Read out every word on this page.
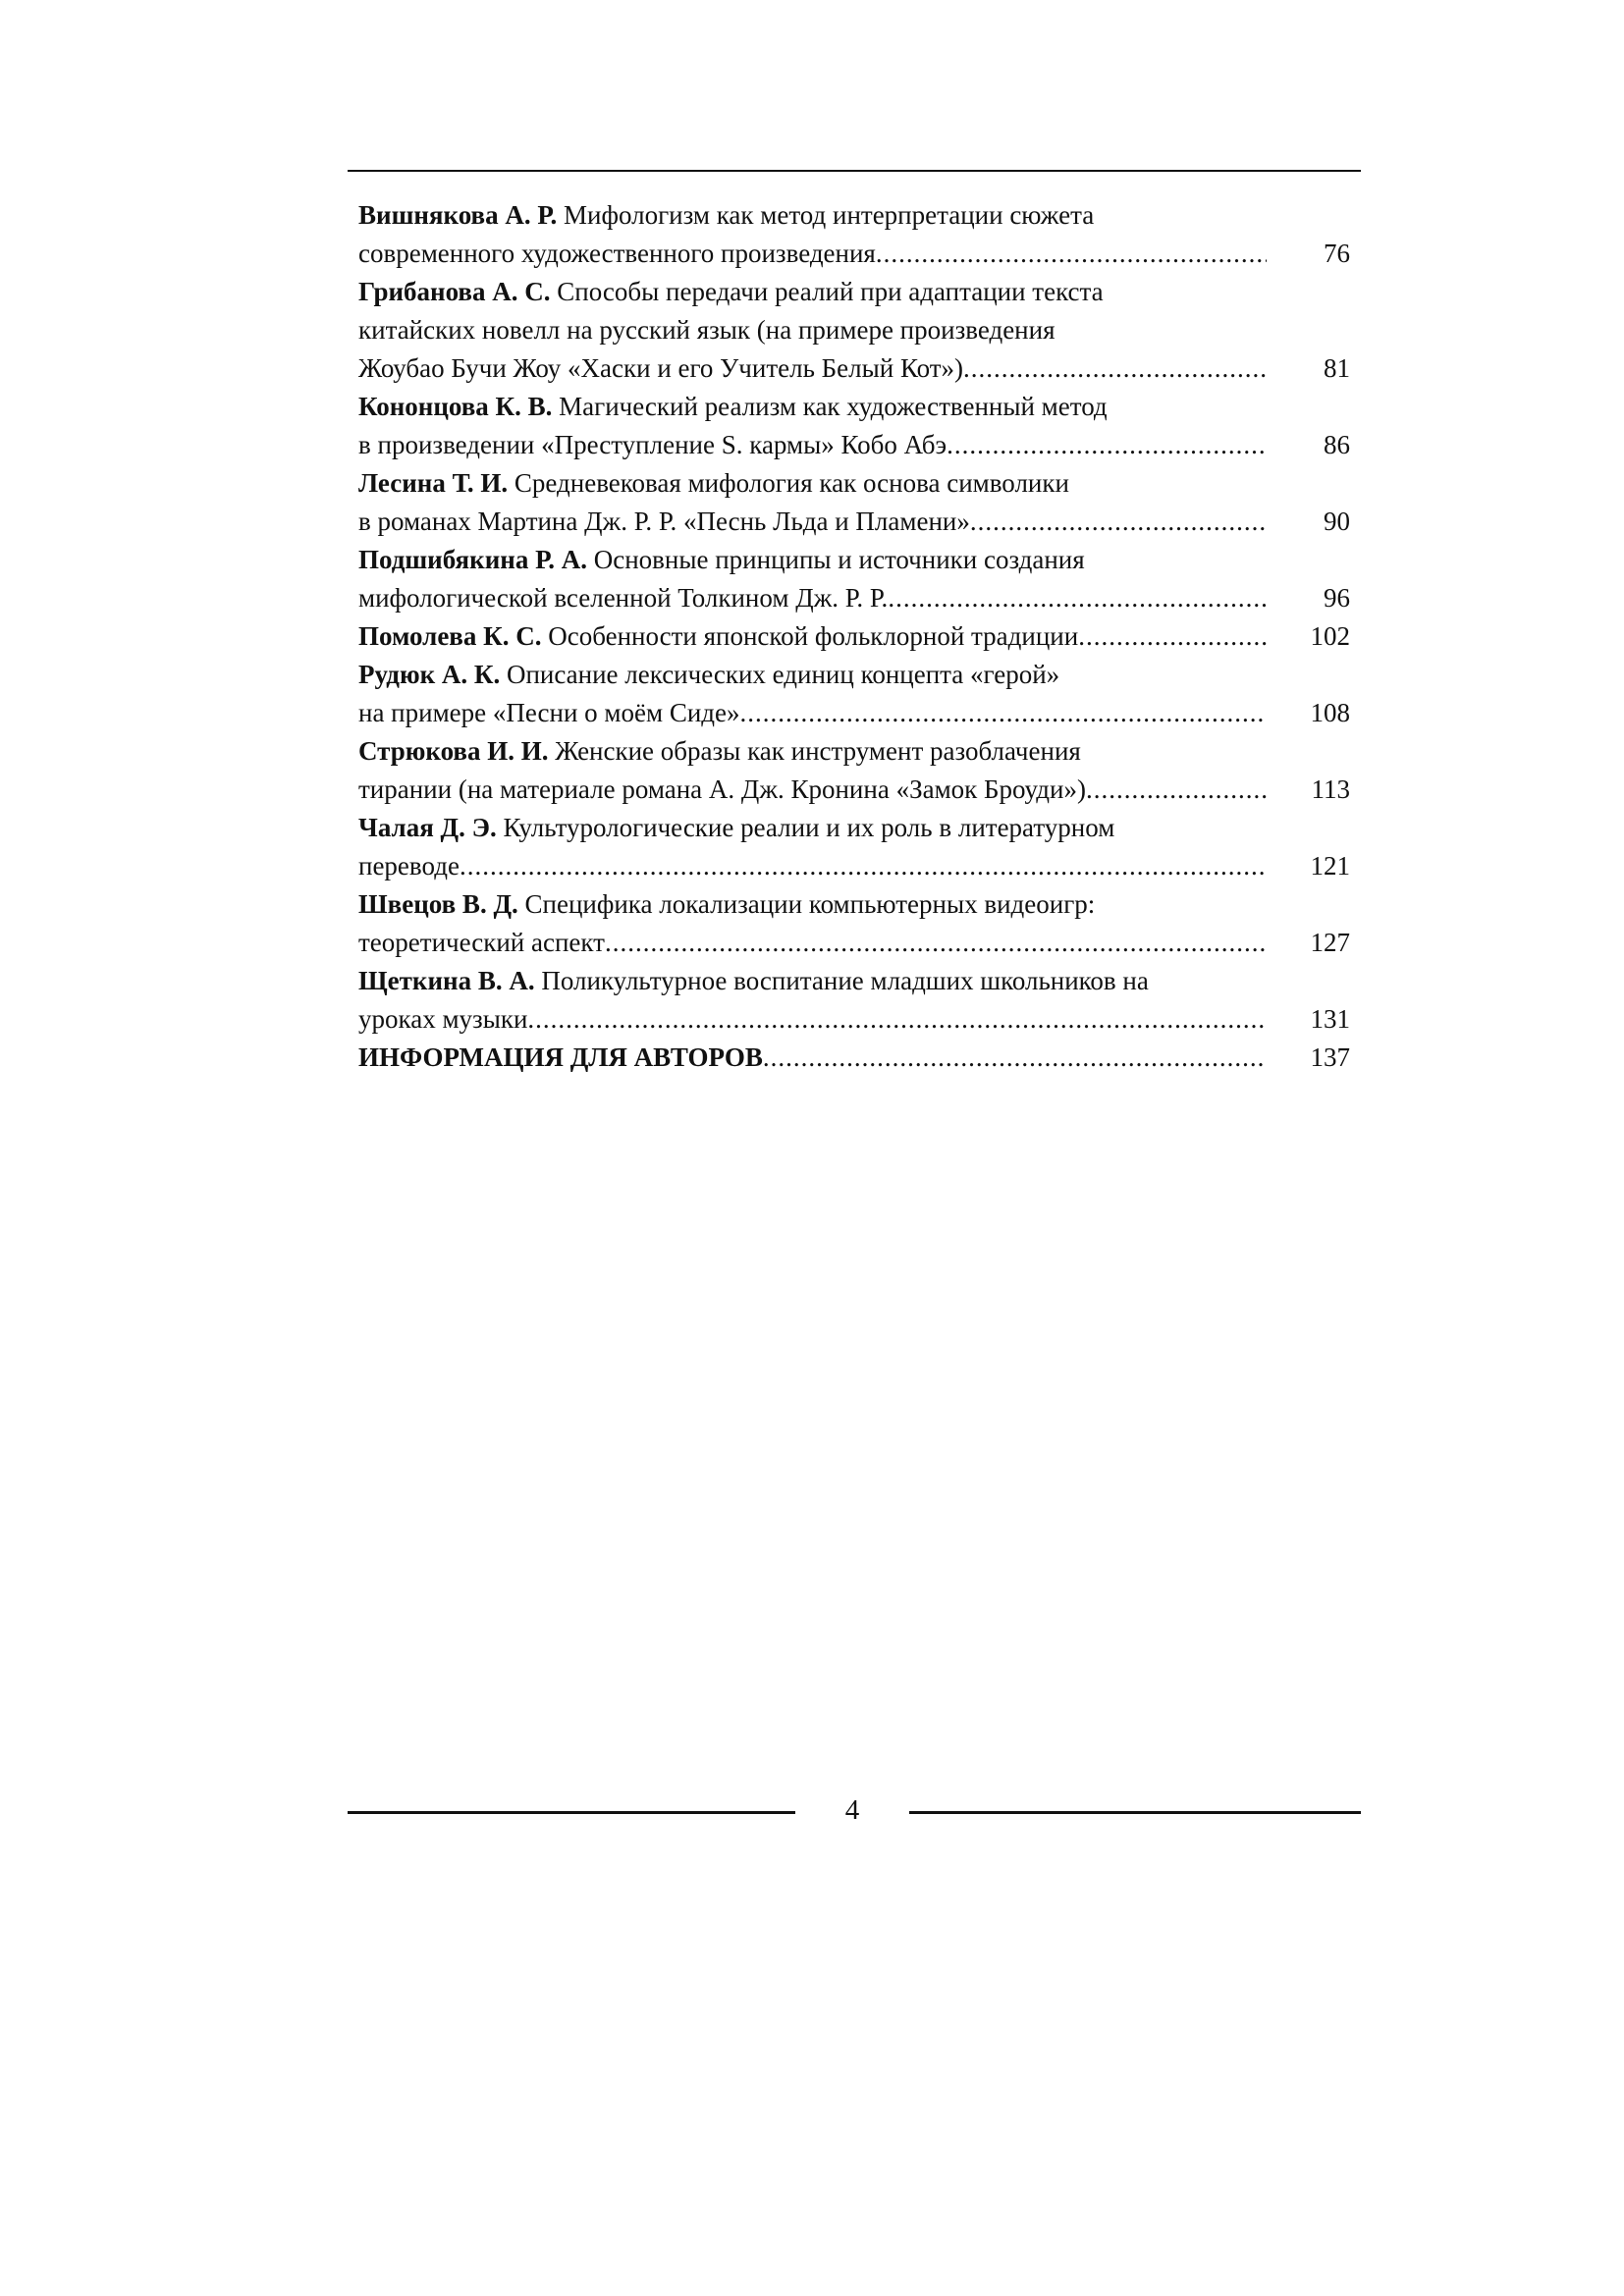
Вишнякова А. Р. Мифологизм как метод интерпретации сюжета
современного художественного произведения .....	76
Грибанова А. С. Способы передачи реалий при адаптации текста
китайских новелл на русский язык (на примере произведения
Жоубао Бучи Жоу «Хаски и его Учитель Белый Кот») .....	81
Кононцова К. В. Магический реализм как художественный метод
в произведении «Преступление S. кармы» Кобо Абэ .....	86
Лесина Т. И. Средневековая мифология как основа символики
в романах Мартина Дж. Р. Р. «Песнь Льда и Пламени» .....	90
Подшибякина Р. А. Основные принципы и источники создания
мифологической вселенной Толкином Дж. Р. Р. .....	96
Помолева К. С. Особенности японской фольклорной традиции .....	102
Рудюк А. К. Описание лексических единиц концепта «герой»
на примере «Песни о моём Сиде» .....	108
Стрюкова И. И. Женские образы как инструмент разоблачения
тирании (на материале романа А. Дж. Кронина «Замок Броуди») .....	113
Чалая Д. Э. Культурологические реалии и их роль в литературном
переводе .....	121
Швецов В. Д. Специфика локализации компьютерных видеоигр:
теоретический аспект .....	127
Щеткина В. А. Поликультурное воспитание младших школьников на
уроках музыки .....	131
ИНФОРМАЦИЯ ДЛЯ АВТОРОВ .....	137
4
